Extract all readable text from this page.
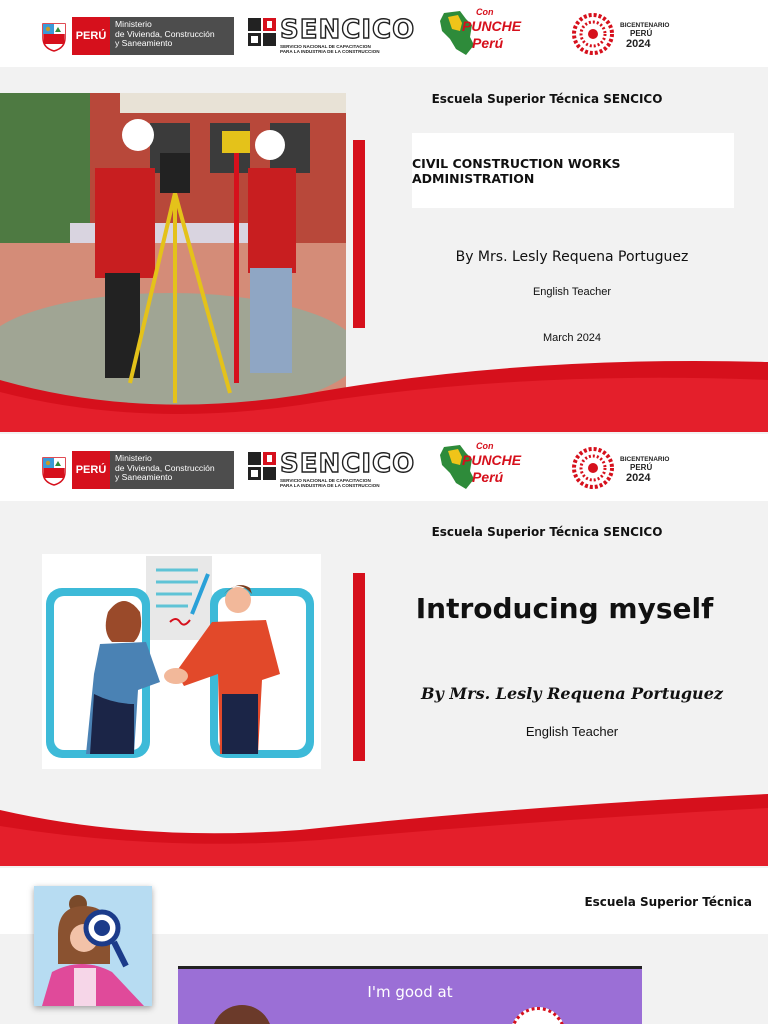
PERÚ
Ministerio
de Vivienda, Construcción
y Saneamiento	SENCICO
SERVICIO NACIONAL DE CAPACITACION
PARA LA INDUSTRIA DE LA CONSTRUCCION
Con
PUNCHE
Perú
BICENTENARIO
PERÚ
2024
Escuela Superior Técnica SENCICO
CIVIL CONSTRUCTION WORKS ADMINISTRATION
By Mrs. Lesly Requena Portuguez
English Teacher
March 2024
PERÚ
Ministerio
de Vivienda, Construcción
y Saneamiento	SENCICO
SERVICIO NACIONAL DE CAPACITACION
PARA LA INDUSTRIA DE LA CONSTRUCCION
Con
PUNCHE
Perú
BICENTENARIO
PERÚ
2024
Escuela Superior Técnica SENCICO
Introducing myself
By Mrs. Lesly Requena Portuguez
English Teacher
Escuela Superior Técnica
I'm good at
